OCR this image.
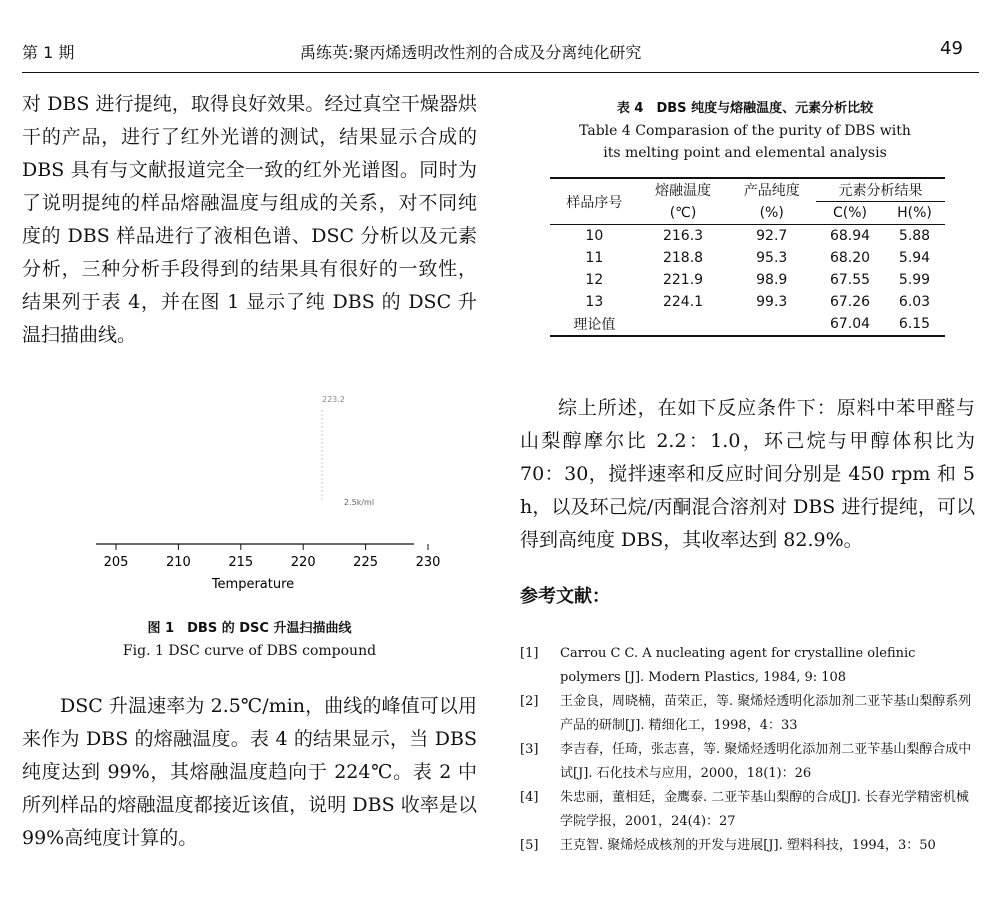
第 1 期	禹练英:聚丙烯透明改性剂的合成及分离纯化研究	49

对 DBS 进行提纯，取得良好效果。经过真空干燥器烘干的产品，进行了红外光谱的测试，结果显示合成的 DBS 具有与文献报道完全一致的红外光谱图。同时为了说明提纯的样品熔融温度与组成的关系，对不同纯度的 DBS 样品进行了液相色谱、DSC 分析以及元素分析，三种分析手段得到的结果具有很好的一致性，结果列于表 4，并在图 1 显示了纯 DBS 的 DSC 升温扫描曲线。

223.2
2.5k/ml
205	210	215	220	225	230
Temperature
图 1　DBS 的 DSC 升温扫描曲线
Fig. 1 DSC curve of DBS compound

DSC 升温速率为 2.5℃/min，曲线的峰值可以用来作为 DBS 的熔融温度。表 4 的结果显示，当 DBS 纯度达到 99%，其熔融温度趋向于 224℃。表 2 中所列样品的熔融温度都接近该值，说明 DBS 收率是以 99%高纯度计算的。

表 4　DBS 纯度与熔融温度、元素分析比较
Table 4 Comparasion of the purity of DBS with
its melting point and elemental analysis
样品序号	熔融温度	产品纯度	元素分析结果	
	(℃)	(%)	C(%)	H(%)
10	216.3	92.7	68.94	5.88
11	218.8	95.3	68.20	5.94
12	221.9	98.9	67.55	5.99
13	224.1	99.3	67.26	6.03
理论值			67.04	6.15

综上所述，在如下反应条件下：原料中苯甲醛与山梨醇摩尔比 2.2：1.0，环己烷与甲醇体积比为 70：30，搅拌速率和反应时间分别是 450 rpm 和 5 h，以及环己烷/丙酮混合溶剂对 DBS 进行提纯，可以得到高纯度 DBS，其收率达到 82.9%。

参考文献：
[1]	Carrou C C. A nucleating agent for crystalline olefinic polymers [J]. Modern Plastics, 1984, 9: 108
[2]	王金良，周晓楠，苗荣正，等. 聚烯烃透明化添加剂二亚苄基山梨醇系列产品的研制[J]. 精细化工，1998，4：33
[3]	李吉春，任琦，张志喜，等. 聚烯烃透明化添加剂二亚苄基山梨醇合成中试[J]. 石化技术与应用，2000，18(1)：26
[4]	朱忠丽，董相廷，金鹰泰. 二亚苄基山梨醇的合成[J]. 长春光学精密机械学院学报，2001，24(4)：27
[5]	王克智. 聚烯烃成核剂的开发与进展[J]. 塑料科技，1994，3：50
